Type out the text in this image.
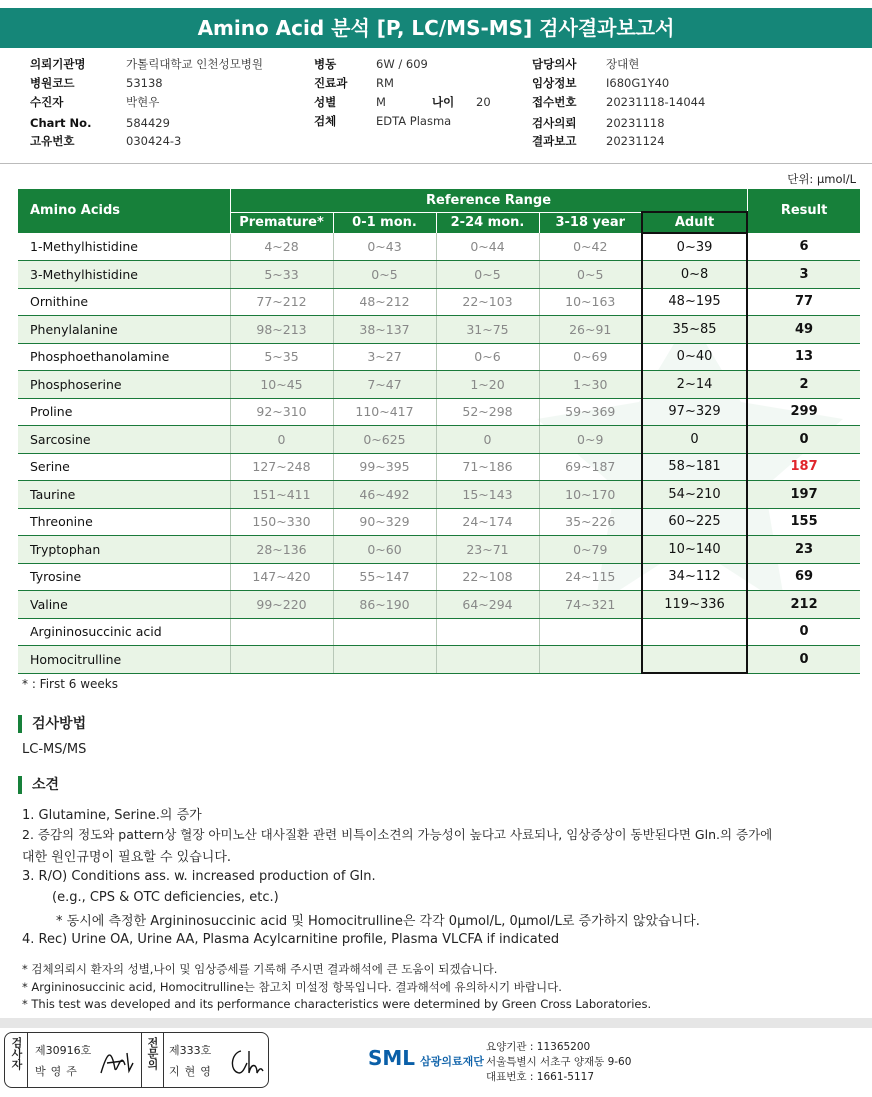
Amino Acid 분석 [P, LC/MS-MS] 검사결과보고서
의뢰기관명	가톨릭대학교 인천성모병원
병원코드	53138
수진자	박현우
Chart No.	584429
고유번호	030424-3
병동	6W / 609
진료과 RM
성별	M	나이 20
검체	EDTA Plasma
담당의사	장대현
임상정보	I680G1Y40
접수번호	20231118-14044
검사의뢰	20231118
결과보고	20231124
단위: μmol/L
Amino Acids	Reference Range					Result
	Premature*	0-1 mon.	2-24 mon.	3-18 year	Adult	
1-Methylhistidine	4~28	0~43	0~44	0~42	0~39	6
3-Methylhistidine	5~33	0~5	0~5	0~5	0~8	3
Ornithine	77~212	48~212	22~103	10~163	48~195	77
Phenylalanine	98~213	38~137	31~75	26~91	35~85	49
Phosphoethanolamine	5~35	3~27	0~6	0~69	0~40	13
Phosphoserine	10~45	7~47	1~20	1~30	2~14	2
Proline	92~310	110~417	52~298	59~369	97~329	299
Sarcosine	0	0~625	0	0~9	0	0
Serine	127~248	99~395	71~186	69~187	58~181	187
Taurine	151~411	46~492	15~143	10~170	54~210	197
Threonine	150~330	90~329	24~174	35~226	60~225	155
Tryptophan	28~136	0~60	23~71	0~79	10~140	23
Tyrosine	147~420	55~147	22~108	24~115	34~112	69
Valine	99~220	86~190	64~294	74~321	119~336	212
Argininosuccinic acid						0
Homocitrulline						0
* : First 6 weeks
검사방법
LC-MS/MS
소견
1. Glutamine, Serine.의 증가
2. 증감의 정도와 pattern상 혈장 아미노산 대사질환 관련 비특이소견의 가능성이 높다고 사료되나, 임상증상이 동반된다면 Gln.의 증가에
대한 원인규명이 필요할 수 있습니다.
3. R/O) Conditions ass. w. increased production of Gln.
(e.g., CPS & OTC deficiencies, etc.)
* 동시에 측정한 Argininosuccinic acid 및 Homocitrulline은 각각 0μmol/L, 0μmol/L로 증가하지 않았습니다.
4. Rec) Urine OA, Urine AA, Plasma Acylcarnitine profile, Plasma VLCFA if indicated
* 검체의뢰시 환자의 성별,나이 및 임상증세를 기록해 주시면 결과해석에 큰 도움이 되겠습니다.
* Argininosuccinic acid, Homocitrulline는 참고치 미설정 항목입니다. 결과해석에 유의하시기 바랍니다.
* This test was developed and its performance characteristics were determined by Green Cross Laboratories.
검사자 제30916호
박영주
전문의 제333호
지현영
SML 삼광의료재단
요양기관 : 11365200
서울특별시 서초구 양재동 9-60
대표번호 : 1661-5117
